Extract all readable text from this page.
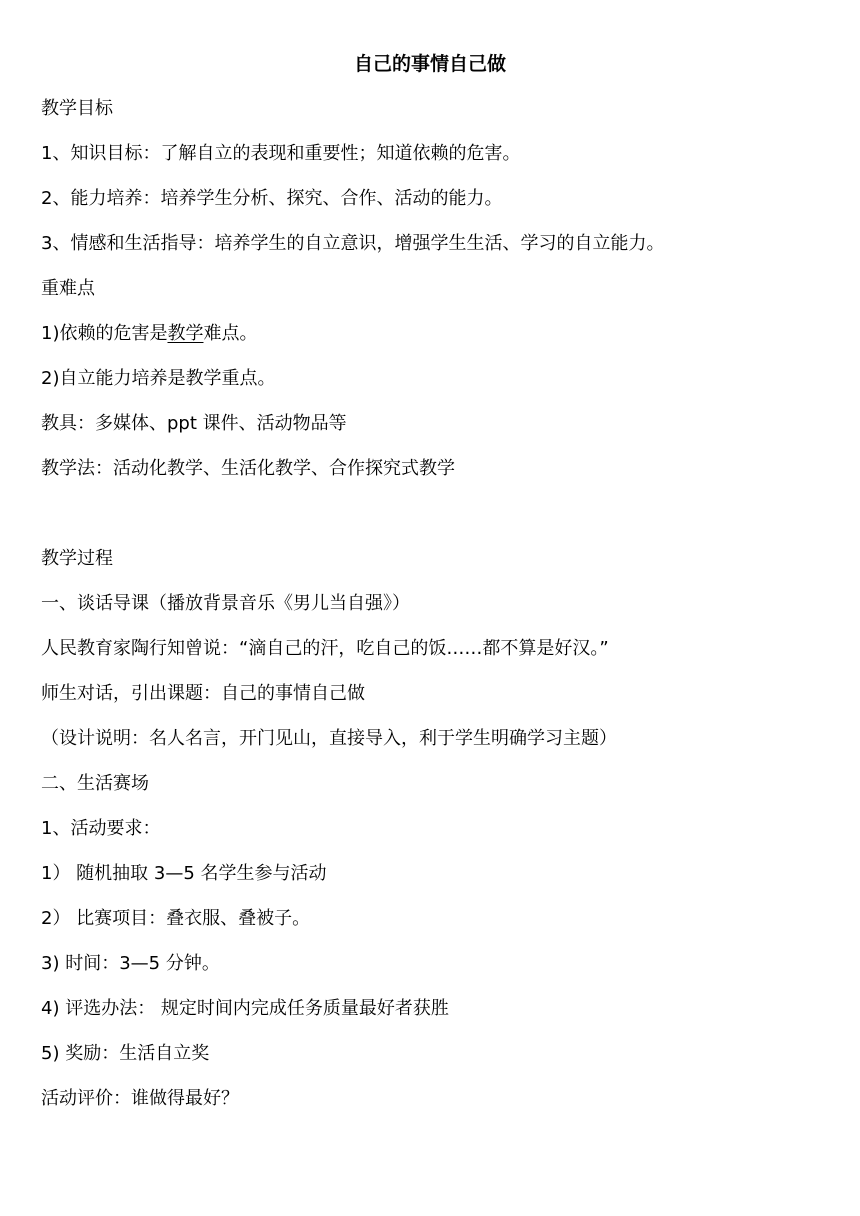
自己的事情自己做
教学目标
1、知识目标：了解自立的表现和重要性；知道依赖的危害。
2、能力培养：培养学生分析、探究、合作、活动的能力。
3、情感和生活指导：培养学生的自立意识，增强学生生活、学习的自立能力。
重难点
1)依赖的危害是教学难点。
2)自立能力培养是教学重点。
教具：多媒体、ppt 课件、活动物品等
教学法：活动化教学、生活化教学、合作探究式教学
教学过程
一、谈话导课（播放背景音乐《男儿当自强》）
人民教育家陶行知曾说：“滴自己的汗，吃自己的饭……都不算是好汉。”
师生对话，引出课题：自己的事情自己做
（设计说明：名人名言，开门见山，直接导入，利于学生明确学习主题）
二、生活赛场
1、活动要求：
1） 随机抽取 3—5 名学生参与活动
2） 比赛项目：叠衣服、叠被子。
3) 时间：3—5 分钟。
4) 评选办法： 规定时间内完成任务质量最好者获胜
5) 奖励：生活自立奖
活动评价：谁做得最好？
